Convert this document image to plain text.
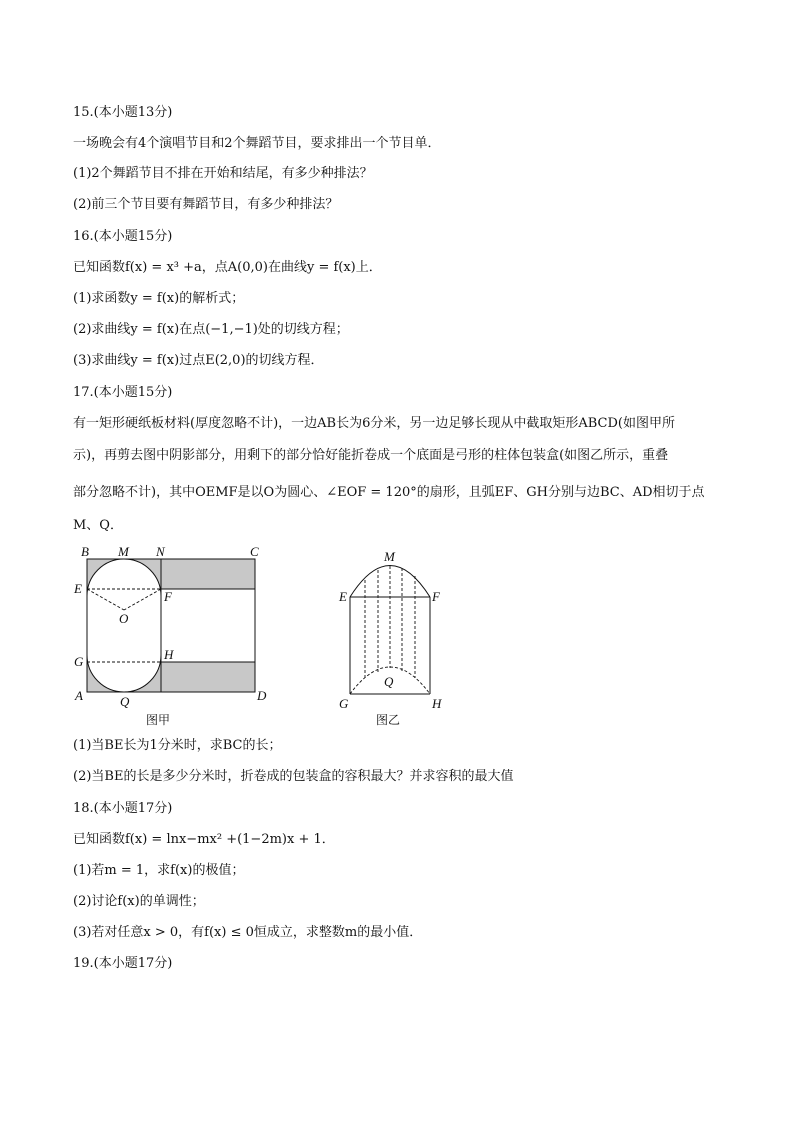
15.(本小题13分)
一场晚会有4个演唱节目和2个舞蹈节目，要求排出一个节目单．
(1)2个舞蹈节目不排在开始和结尾，有多少种排法？
(2)前三个节目要有舞蹈节目，有多少种排法？
16.(本小题15分)
已知函数f(x) = x³ +a，点A(0,0)在曲线y = f(x)上．
(1)求函数y = f(x)的解析式；
(2)求曲线y = f(x)在点(−1,−1)处的切线方程；
(3)求曲线y = f(x)过点E(2,0)的切线方程．
17.(本小题15分)
有一矩形硬纸板材料(厚度忽略不计)，一边AB长为6分米，另一边足够长现从中截取矩形ABCD(如图甲所
示)，再剪去图中阴影部分，用剩下的部分恰好能折卷成一个底面是弓形的柱体包装盒(如图乙所示，重叠
部分忽略不计)，其中OEMF是以O为圆心、∠EOF = 120°的扇形，且弧EF、GH分别与边BC、AD相切于点
M、Q．
B M N	C
E
F
O
G	H
A	Q	D
图甲
M
E	F
Q
G	H
图乙
(1)当BE长为1分米时，求BC的长；
(2)当BE的长是多少分米时，折卷成的包装盒的容积最大？并求容积的最大值
18.(本小题17分)
已知函数f(x) = lnx−mx² +(1−2m)x + 1．
(1)若m = 1，求f(x)的极值；
(2)讨论f(x)的单调性；
(3)若对任意x > 0，有f(x) ≤ 0恒成立，求整数m的最小值．
19.(本小题17分)
